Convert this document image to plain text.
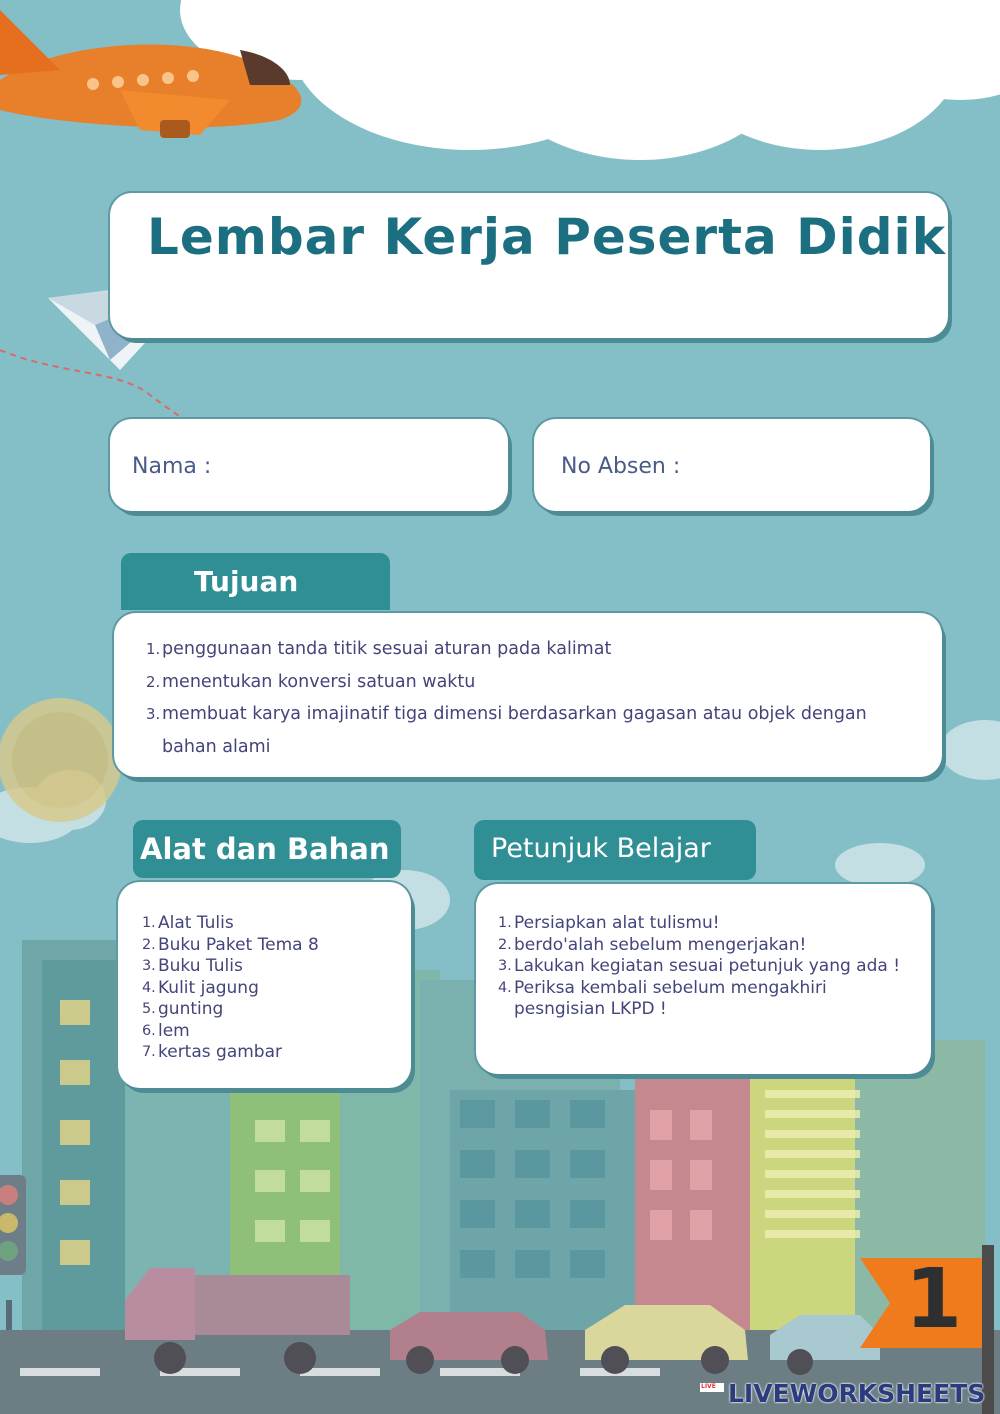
Lembar Kerja Peserta Didik
Nama :	No Absen :
Tujuan
1. penggunaan tanda titik sesuai aturan pada kalimat
2. menentukan konversi satuan waktu
3. membuat karya imajinatif tiga dimensi berdasarkan gagasan atau objek dengan bahan alami
Alat dan Bahan
1. Alat Tulis
2. Buku Paket Tema 8
3. Buku Tulis
4. Kulit jagung
5. gunting
6. lem
7. kertas gambar
Petunjuk Belajar
1. Persiapkan alat tulismu!
2. berdo'alah sebelum mengerjakan!
3. Lakukan kegiatan sesuai petunjuk yang ada !
4. Periksa kembali sebelum mengakhiri pesngisian LKPD !
1
LIVE LIVEWORKSHEETS
